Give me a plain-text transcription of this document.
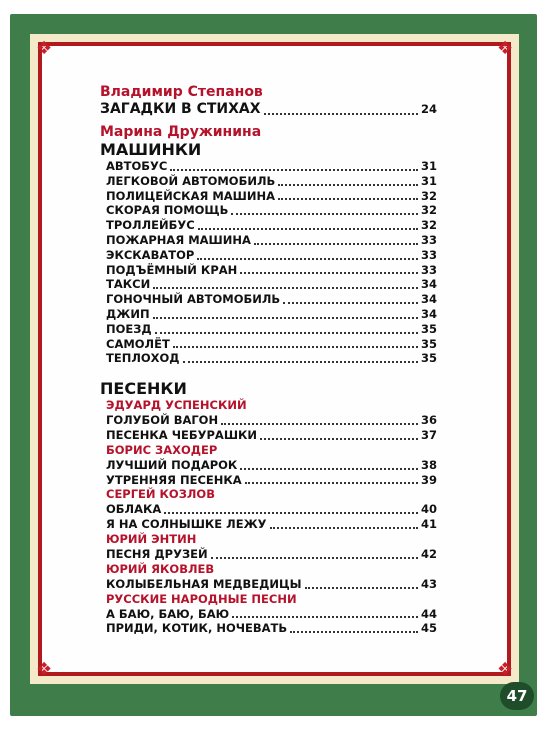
❖	❖
❖	❖

Владимир Степанов

ЗАГАДКИ В СТИХАХ	24

Марина Дружинина

МАШИНКИ

АВТОБУС	31
ЛЕГКОВОЙ АВТОМОБИЛЬ	31
ПОЛИЦЕЙСКАЯ МАШИНА	32
СКОРАЯ ПОМОЩЬ	32
ТРОЛЛЕЙБУС	32
ПОЖАРНАЯ МАШИНА	33
ЭКСКАВАТОР	33
ПОДЪЁМНЫЙ КРАН	33
ТАКСИ	34
ГОНОЧНЫЙ АВТОМОБИЛЬ	34
ДЖИП	34
ПОЕЗД	35
САМОЛЁТ	35
ТЕПЛОХОД	35

ПЕСЕНКИ

ЭДУАРД УСПЕНСКИЙ

ГОЛУБОЙ ВАГОН	36
ПЕСЕНКА ЧЕБУРАШКИ	37

БОРИС ЗАХОДЕР

ЛУЧШИЙ ПОДАРОК	38
УТРЕННЯЯ ПЕСЕНКА	39

СЕРГЕЙ КОЗЛОВ

ОБЛАКА	40
Я НА СОЛНЫШКЕ ЛЕЖУ	41

ЮРИЙ ЭНТИН

ПЕСНЯ ДРУЗЕЙ	42

ЮРИЙ ЯКОВЛЕВ

КОЛЫБЕЛЬНАЯ МЕДВЕДИЦЫ	43

РУССКИЕ НАРОДНЫЕ ПЕСНИ

А БАЮ, БАЮ, БАЮ	44
ПРИДИ, КОТИК, НОЧЕВАТЬ	45
47
